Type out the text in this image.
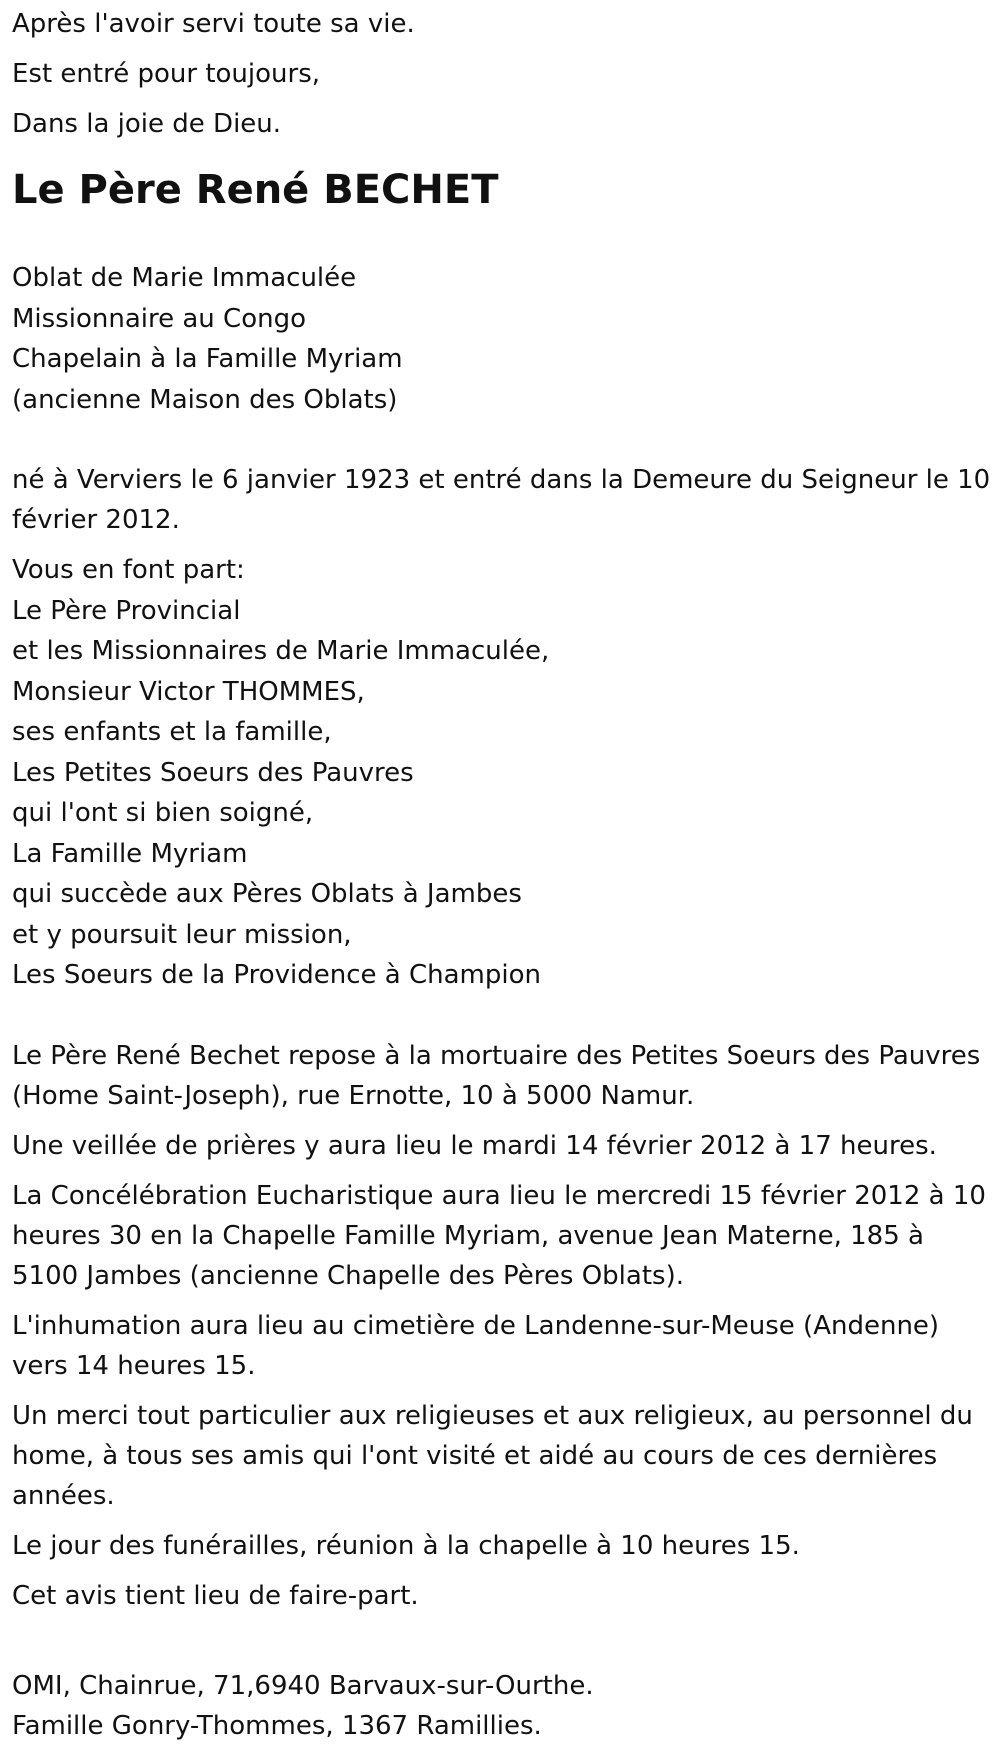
Après l'avoir servi toute sa vie.
Est entré pour toujours,
Dans la joie de Dieu.
Le Père René BECHET
Oblat de Marie Immaculée
Missionnaire au Congo
Chapelain à la Famille Myriam
(ancienne Maison des Oblats)

né à Verviers le 6 janvier 1923 et entré dans la Demeure du Seigneur le 10 février 2012.

Vous en font part:
Le Père Provincial
et les Missionnaires de Marie Immaculée,
Monsieur Victor THOMMES,
ses enfants et la famille,
Les Petites Soeurs des Pauvres
qui l'ont si bien soigné,
La Famille Myriam
qui succède aux Pères Oblats à Jambes
et y poursuit leur mission,
Les Soeurs de la Providence à Champion

Le Père René Bechet repose à la mortuaire des Petites Soeurs des Pauvres (Home Saint-Joseph), rue Ernotte, 10 à 5000 Namur.

Une veillée de prières y aura lieu le mardi 14 février 2012 à 17 heures.

La Concélébration Eucharistique aura lieu le mercredi 15 février 2012 à 10 heures 30 en la Chapelle Famille Myriam, avenue Jean Materne, 185 à 5100 Jambes (ancienne Chapelle des Pères Oblats).

L'inhumation aura lieu au cimetière de Landenne-sur-Meuse (Andenne) vers 14 heures 15.

Un merci tout particulier aux religieuses et aux religieux, au personnel du home, à tous ses amis qui l'ont visité et aidé au cours de ces dernières années.

Le jour des funérailles, réunion à la chapelle à 10 heures 15.

Cet avis tient lieu de faire-part.

OMI, Chainrue, 71,6940 Barvaux-sur-Ourthe.
Famille Gonry-Thommes, 1367 Ramillies.
